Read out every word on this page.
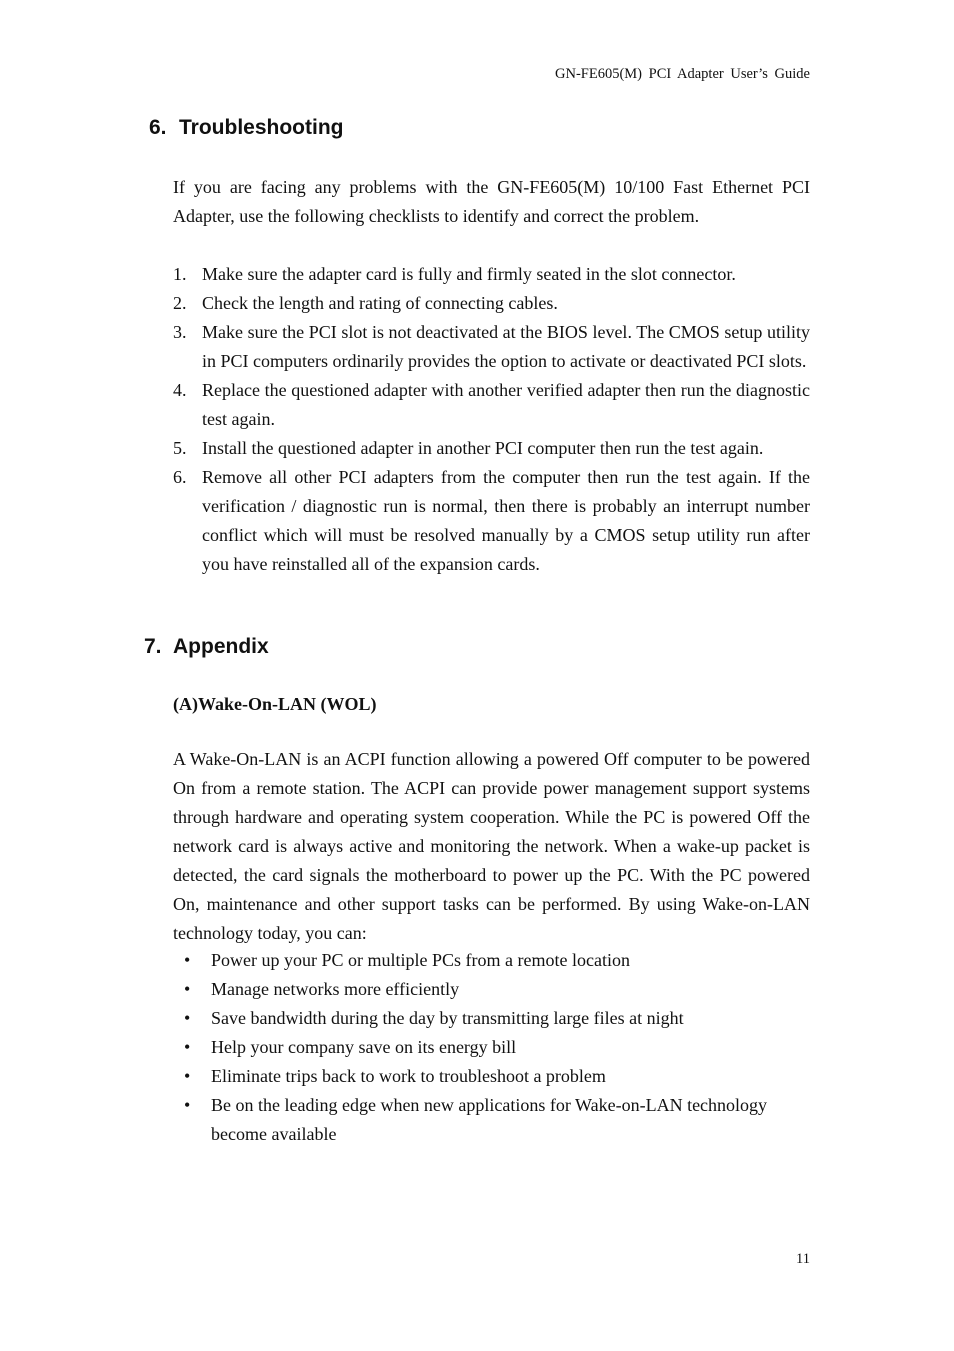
GN-FE605(M) PCI Adapter User’s Guide
6. Troubleshooting

If you are facing any problems with the GN-FE605(M) 10/100 Fast Ethernet PCI Adapter, use the following checklists to identify and correct the problem.

1. Make sure the adapter card is fully and firmly seated in the slot connector.
2. Check the length and rating of connecting cables.
3. Make sure the PCI slot is not deactivated at the BIOS level. The CMOS setup utility in PCI computers ordinarily provides the option to activate or deactivated PCI slots.
4. Replace the questioned adapter with another verified adapter then run the diagnostic test again.
5. Install the questioned adapter in another PCI computer then run the test again.
6. Remove all other PCI adapters from the computer then run the test again. If the verification / diagnostic run is normal, then there is probably an interrupt number conflict which will must be resolved manually by a CMOS setup utility run after you have reinstalled all of the expansion cards.
7. Appendix
(A)Wake-On-LAN (WOL)

A Wake-On-LAN is an ACPI function allowing a powered Off computer to be powered On from a remote station. The ACPI can provide power management support systems through hardware and operating system cooperation. While the PC is powered Off the network card is always active and monitoring the network. When a wake-up packet is detected, the card signals the motherboard to power up the PC. With the PC powered On, maintenance and other support tasks can be performed. By using Wake-on-LAN technology today, you can:

• Power up your PC or multiple PCs from a remote location
• Manage networks more efficiently
• Save bandwidth during the day by transmitting large files at night
• Help your company save on its energy bill
• Eliminate trips back to work to troubleshoot a problem
• Be on the leading edge when new applications for Wake-on-LAN technology become available
11
